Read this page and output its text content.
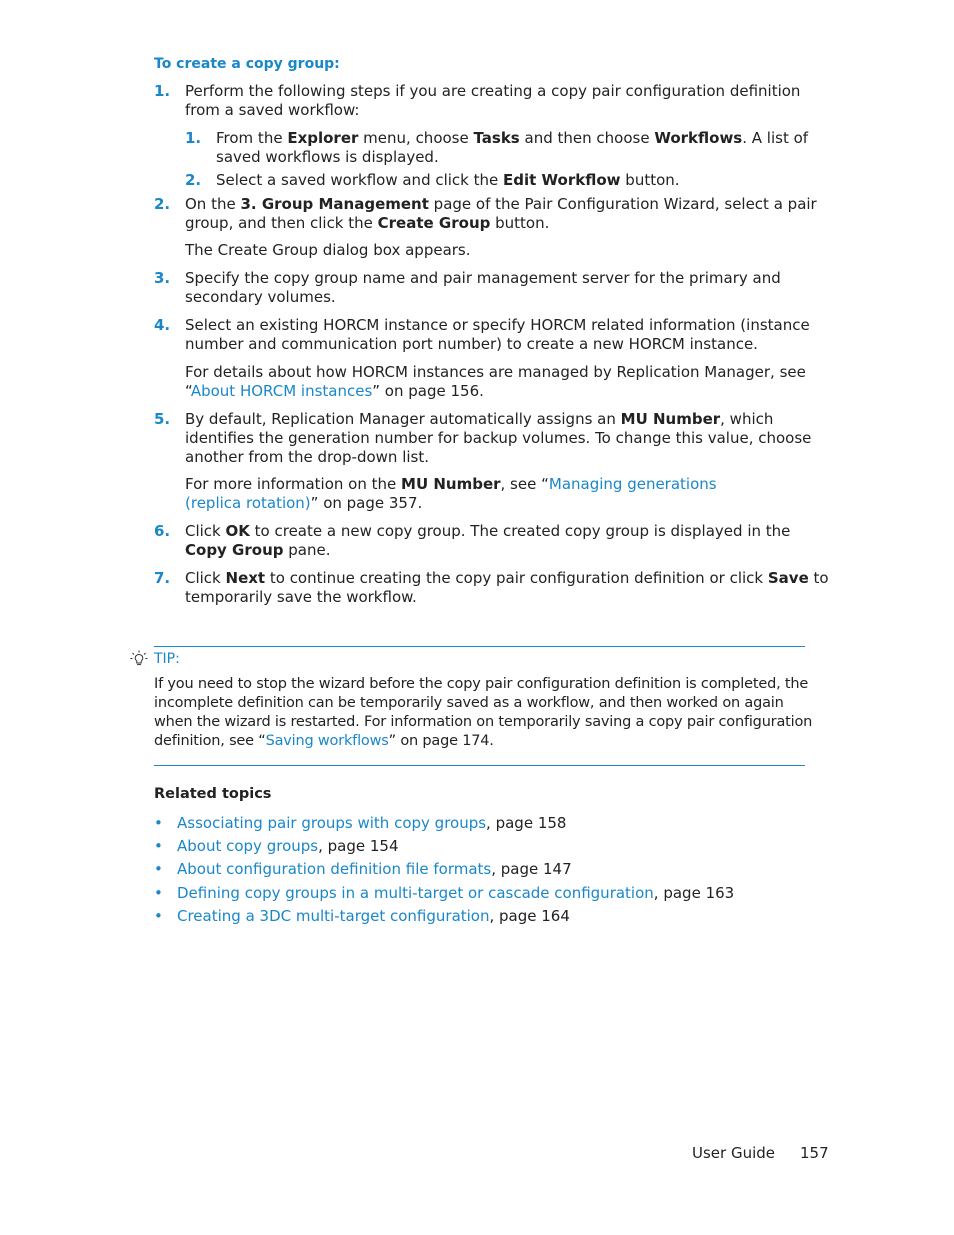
To create a copy group:
1. Perform the following steps if you are creating a copy pair configuration definition from a saved workflow:
1. From the Explorer menu, choose Tasks and then choose Workflows. A list of saved workflows is displayed.
2. Select a saved workflow and click the Edit Workflow button.
2. On the 3. Group Management page of the Pair Configuration Wizard, select a pair group, and then click the Create Group button.
The Create Group dialog box appears.
3. Specify the copy group name and pair management server for the primary and secondary volumes.
4. Select an existing HORCM instance or specify HORCM related information (instance number and communication port number) to create a new HORCM instance.
For details about how HORCM instances are managed by Replication Manager, see “About HORCM instances” on page 156.
5. By default, Replication Manager automatically assigns an MU Number, which identifies the generation number for backup volumes. To change this value, choose another from the drop-down list.
For more information on the MU Number, see “Managing generations (replica rotation)” on page 357.
6. Click OK to create a new copy group. The created copy group is displayed in the Copy Group pane.
7. Click Next to continue creating the copy pair configuration definition or click Save to temporarily save the workflow.
TIP:
If you need to stop the wizard before the copy pair configuration definition is completed, the incomplete definition can be temporarily saved as a workflow, and then worked on again when the wizard is restarted. For information on temporarily saving a copy pair configuration definition, see “Saving workflows” on page 174.
Related topics
• Associating pair groups with copy groups, page 158
• About copy groups, page 154
• About configuration definition file formats, page 147
• Defining copy groups in a multi-target or cascade configuration, page 163
• Creating a 3DC multi-target configuration, page 164
User Guide 157
